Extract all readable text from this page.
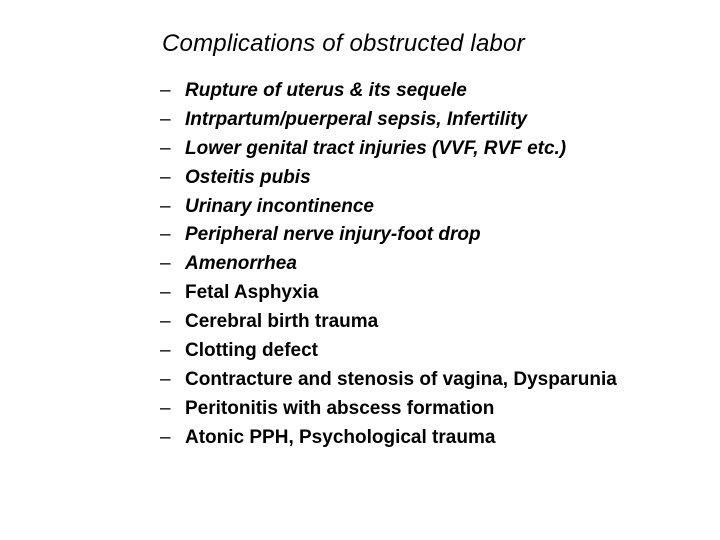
Complications of obstructed labor
– Rupture of uterus & its sequele
– Intrpartum/puerperal sepsis, Infertility
– Lower genital tract injuries (VVF, RVF etc.)
– Osteitis pubis
– Urinary incontinence
– Peripheral nerve injury-foot drop
– Amenorrhea
– Fetal Asphyxia
– Cerebral birth trauma
– Clotting defect
– Contracture and stenosis of vagina, Dysparunia
– Peritonitis with abscess formation
– Atonic PPH, Psychological trauma
